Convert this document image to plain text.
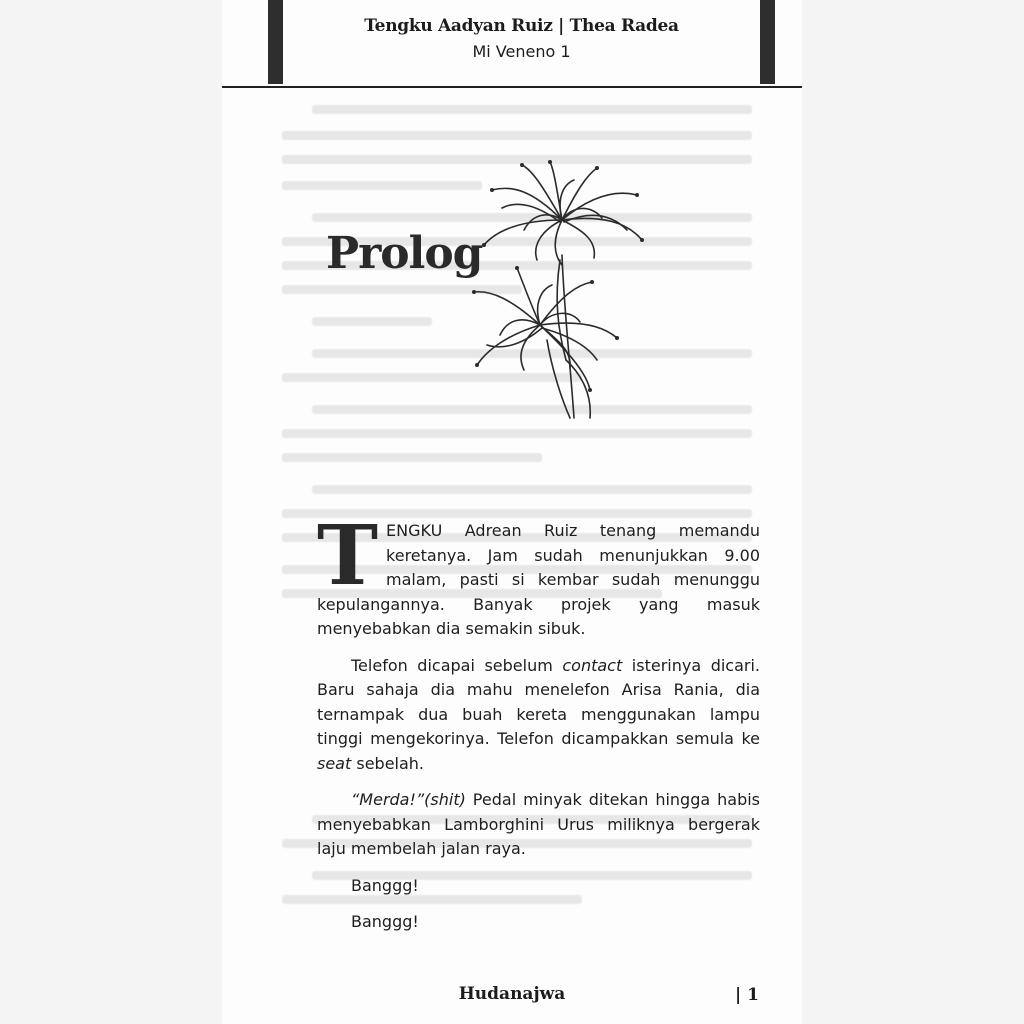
Tengku Aadyan Ruiz | Thea Radea
Mi Veneno 1
Prolog

TENGKU Adrean Ruiz tenang memandu keretanya. Jam sudah menunjukkan 9.00 malam, pasti si kembar sudah menunggu kepulangannya. Banyak projek yang masuk menyebabkan dia semakin sibuk.

Telefon dicapai sebelum contact isterinya dicari. Baru sahaja dia mahu menelefon Arisa Rania, dia ternampak dua buah kereta menggunakan lampu tinggi mengekorinya. Telefon dicampakkan semula ke seat sebelah.

“Merda!”(shit) Pedal minyak ditekan hingga habis menyebabkan Lamborghini Urus miliknya bergerak laju membelah jalan raya.

Banggg!

Banggg!

Hudanajwa	| 1
